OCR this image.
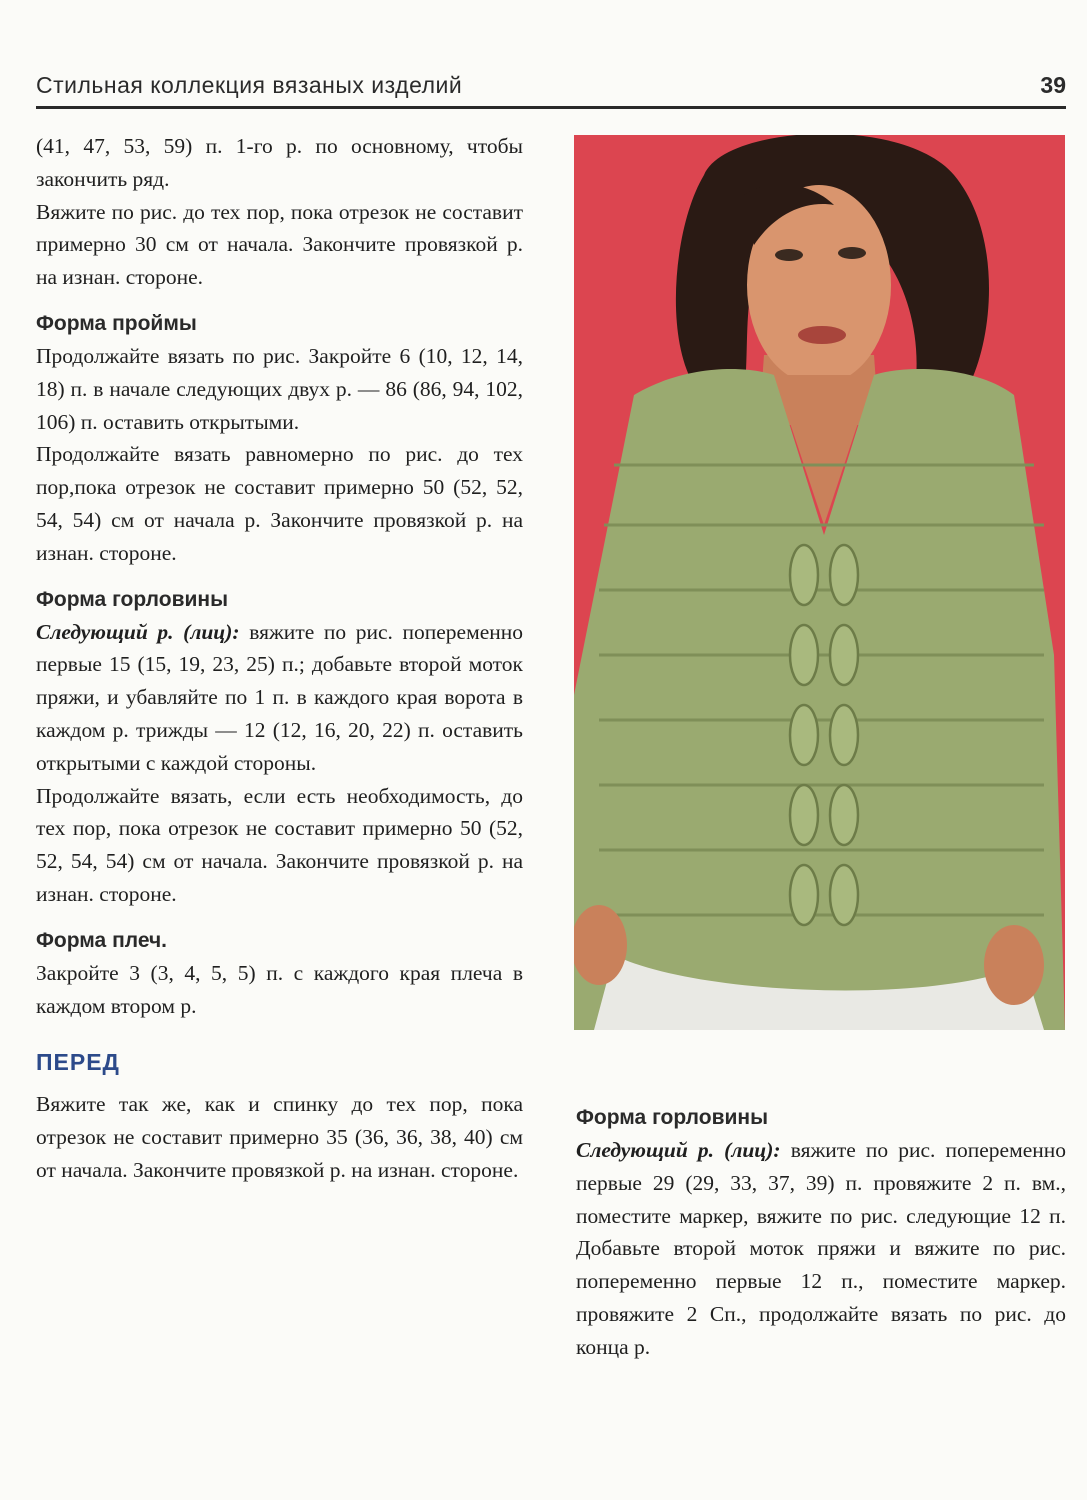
Стильная коллекция вязаных изделий	39

(41, 47, 53, 59) п. 1-го р. по основному, чтобы закончить ряд.

Вяжите по рис. до тех пор, пока отрезок не составит примерно 30 см от начала. Закончите провязкой р. на изнан. стороне.

Форма проймы

Продолжайте вязать по рис. Закройте 6 (10, 12, 14, 18) п. в начале следующих двух р. — 86 (86, 94, 102, 106) п. оставить открытыми.

Продолжайте вязать равномерно по рис. до тех пор,пока отрезок не составит примерно 50 (52, 52, 54, 54) см от начала р. Закончите провязкой р. на изнан. стороне.

Форма горловины

Следующий р. (лиц): вяжите по рис. попеременно первые 15 (15, 19, 23, 25) п.; добавьте второй моток пряжи, и убавляйте по 1 п. в каждого края ворота в каждом р. трижды — 12 (12, 16, 20, 22) п. оставить открытыми с каждой стороны.

Продолжайте вязать, если есть необходимость, до тех пор, пока отрезок не составит примерно 50 (52, 52, 54, 54) см от начала. Закончите провязкой р. на изнан. стороне.

Форма плеч.

Закройте 3 (3, 4, 5, 5) п. с каждого края плеча в каждом втором р.

ПЕРЕД

Вяжите так же, как и спинку до тех пор, пока отрезок не составит примерно 35 (36, 36, 38, 40) см от начала. Закончите провязкой р. на изнан. стороне.

Форма горловины

Следующий р. (лиц): вяжите по рис. попеременно первые 29 (29, 33, 37, 39) п. провяжите 2 п. вм., поместите маркер, вяжите по рис. следующие 12 п. Добавьте второй моток пряжи и вяжите по рис. попеременно первые 12 п., поместите маркер. провяжите 2 Сп., продолжайте вязать по рис. до конца р.
